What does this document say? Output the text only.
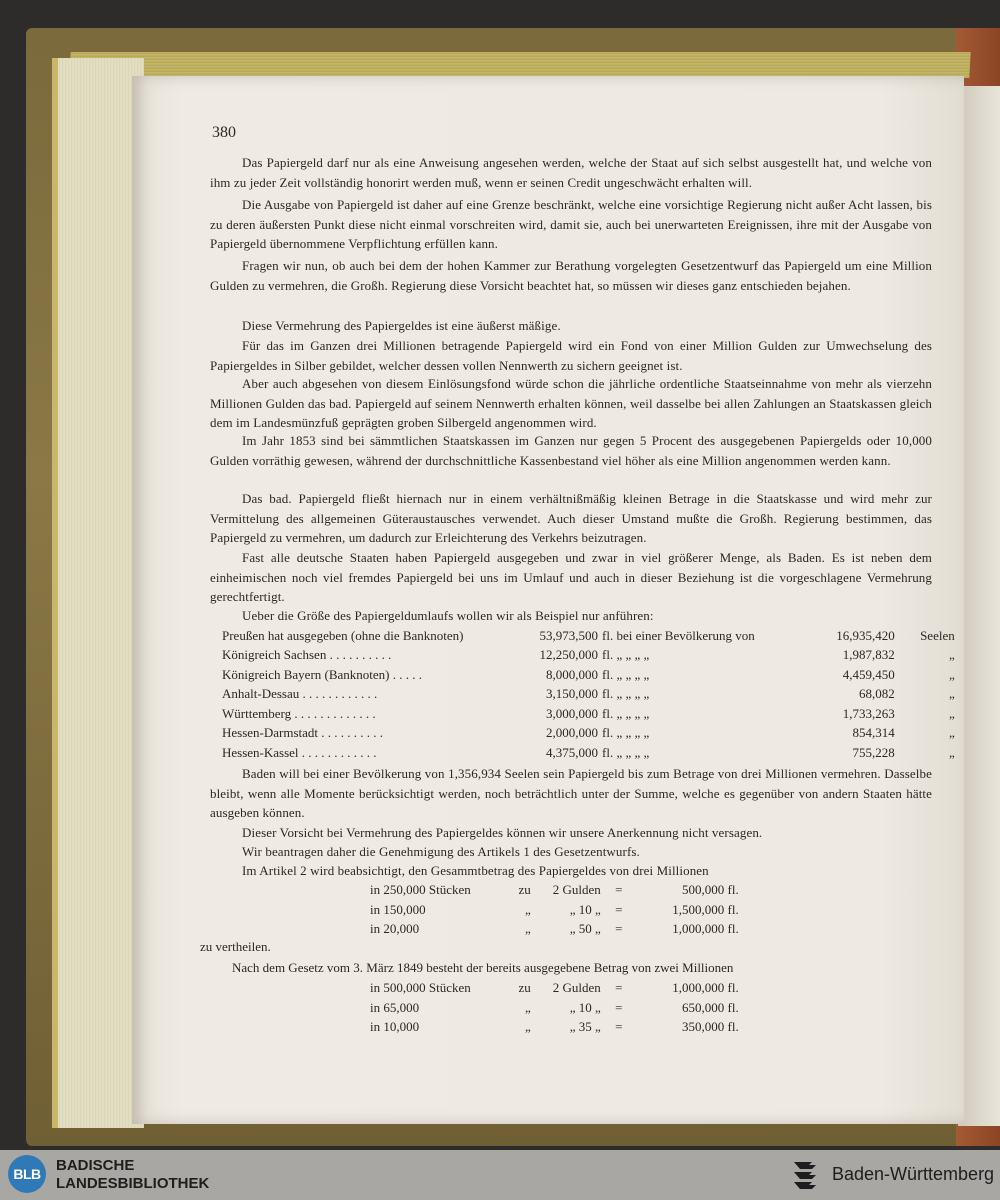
380

Das Papiergeld darf nur als eine Anweisung angesehen werden, welche der Staat auf sich selbst ausgestellt hat, und welche von ihm zu jeder Zeit vollständig honorirt werden muß, wenn er seinen Credit ungeschwächt erhalten will.

Die Ausgabe von Papiergeld ist daher auf eine Grenze beschränkt, welche eine vorsichtige Regierung nicht außer Acht lassen, bis zu deren äußersten Punkt diese nicht einmal vorschreiten wird, damit sie, auch bei unerwarteten Ereignissen, ihre mit der Ausgabe von Papiergeld übernommene Verpflichtung erfüllen kann.

Fragen wir nun, ob auch bei dem der hohen Kammer zur Berathung vorgelegten Gesetzentwurf das Papiergeld um eine Million Gulden zu vermehren, die Großh. Regierung diese Vorsicht beachtet hat, so müssen wir dieses ganz entschieden bejahen.

Diese Vermehrung des Papiergeldes ist eine äußerst mäßige.

Für das im Ganzen drei Millionen betragende Papiergeld wird ein Fond von einer Million Gulden zur Umwechselung des Papiergeldes in Silber gebildet, welcher dessen vollen Nennwerth zu sichern geeignet ist.

Aber auch abgesehen von diesem Einlösungsfond würde schon die jährliche ordentliche Staatseinnahme von mehr als vierzehn Millionen Gulden das bad. Papiergeld auf seinem Nennwerth erhalten können, weil dasselbe bei allen Zahlungen an Staatskassen gleich dem im Landesmünzfuß geprägten groben Silbergeld angenommen wird.

Im Jahr 1853 sind bei sämmtlichen Staatskassen im Ganzen nur gegen 5 Procent des ausgegebenen Papiergelds oder 10,000 Gulden vorräthig gewesen, während der durchschnittliche Kassenbestand viel höher als eine Million angenommen werden kann.

Das bad. Papiergeld fließt hiernach nur in einem verhältnißmäßig kleinen Betrage in die Staatskasse und wird mehr zur Vermittelung des allgemeinen Güteraustausches verwendet. Auch dieser Umstand mußte die Großh. Regierung bestimmen, das Papiergeld zu vermehren, um dadurch zur Erleichterung des Verkehrs beizutragen.

Fast alle deutsche Staaten haben Papiergeld ausgegeben und zwar in viel größerer Menge, als Baden. Es ist neben dem einheimischen noch viel fremdes Papiergeld bei uns im Umlauf und auch in dieser Beziehung ist die vorgeschlagene Vermehrung gerechtfertigt.

Ueber die Größe des Papiergeldumlaufs wollen wir als Beispiel nur anführen:

Preußen hat ausgegeben (ohne die Banknoten)	53,973,500	fl. bei einer Bevölkerung von	16,935,420	Seelen
Königreich Sachsen . . . . . . . . . .	12,250,000	fl. „ „ „ „	1,987,832	„
Königreich Bayern (Banknoten) . . . . .	8,000,000	fl. „ „ „ „	4,459,450	„
Anhalt-Dessau . . . . . . . . . . . .	3,150,000	fl. „ „ „ „	68,082	„
Württemberg . . . . . . . . . . . . .	3,000,000	fl. „ „ „ „	1,733,263	„
Hessen-Darmstadt . . . . . . . . . .	2,000,000	fl. „ „ „ „	854,314	„
Hessen-Kassel . . . . . . . . . . . .	4,375,000	fl. „ „ „ „	755,228	„

Baden will bei einer Bevölkerung von 1,356,934 Seelen sein Papiergeld bis zum Betrage von drei Millionen vermehren. Dasselbe bleibt, wenn alle Momente berücksichtigt werden, noch beträchtlich unter der Summe, welche es gegenüber von andern Staaten hätte ausgeben können.

Dieser Vorsicht bei Vermehrung des Papiergeldes können wir unsere Anerkennung nicht versagen.

Wir beantragen daher die Genehmigung des Artikels 1 des Gesetzentwurfs.

Im Artikel 2 wird beabsichtigt, den Gesammtbetrag des Papiergeldes von drei Millionen

in 250,000 Stücken	zu	2 Gulden	=	500,000 fl.
in 150,000	„	„ 10 „	=	1,500,000 fl.
in 20,000	„	„ 50 „	=	1,000,000 fl.
zu vertheilen.
Nach dem Gesetz vom 3. März 1849 besteht der bereits ausgegebene Betrag von zwei Millionen
in 500,000 Stücken	zu	2 Gulden	=	1,000,000 fl.
in 65,000	„	„ 10 „	=	650,000 fl.
in 10,000	„	„ 35 „	=	350,000 fl.
BLB	BADISCHE
LANDESBIBLIOTHEK	Baden-Württemberg
